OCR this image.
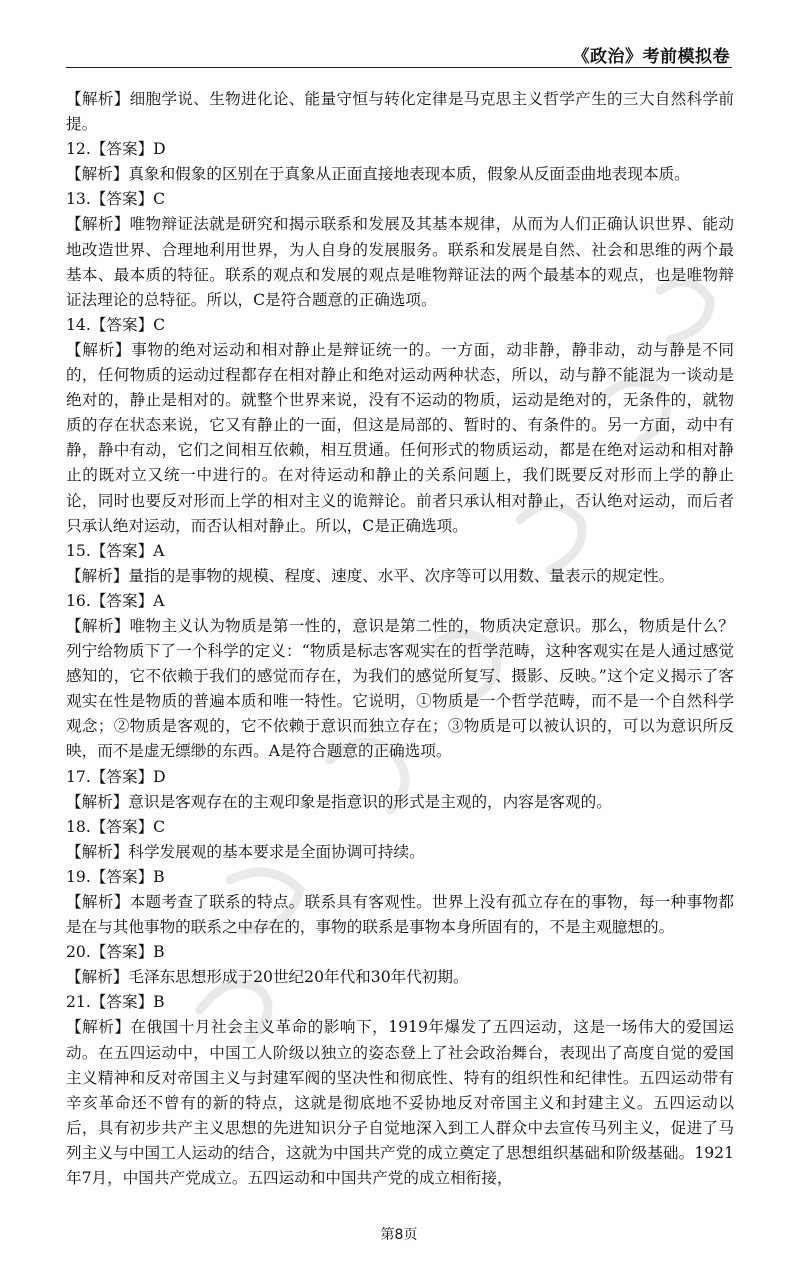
《政治》考前模拟卷

【解析】细胞学说、生物进化论、能量守恒与转化定律是马克思主义哲学产生的三大自然科学前提。

12.【答案】D

【解析】真象和假象的区别在于真象从正面直接地表现本质，假象从反面歪曲地表现本质。

13.【答案】C

【解析】唯物辩证法就是研究和揭示联系和发展及其基本规律，从而为人们正确认识世界、能动地改造世界、合理地利用世界，为人自身的发展服务。联系和发展是自然、社会和思维的两个最基本、最本质的特征。联系的观点和发展的观点是唯物辩证法的两个最基本的观点，也是唯物辩证法理论的总特征。所以，C是符合题意的正确选项。

14.【答案】C

【解析】事物的绝对运动和相对静止是辩证统一的。一方面，动非静，静非动，动与静是不同的，任何物质的运动过程都存在相对静止和绝对运动两种状态，所以，动与静不能混为一谈动是绝对的，静止是相对的。就整个世界来说，没有不运动的物质，运动是绝对的，无条件的，就物质的存在状态来说，它又有静止的一面，但这是局部的、暂时的、有条件的。另一方面，动中有静，静中有动，它们之间相互依赖，相互贯通。任何形式的物质运动，都是在绝对运动和相对静止的既对立又统一中进行的。在对待运动和静止的关系问题上，我们既要反对形而上学的静止论，同时也要反对形而上学的相对主义的诡辩论。前者只承认相对静止，否认绝对运动，而后者只承认绝对运动，而否认相对静止。所以，C是正确选项。

15.【答案】A

【解析】量指的是事物的规模、程度、速度、水平、次序等可以用数、量表示的规定性。

16.【答案】A

【解析】唯物主义认为物质是第一性的，意识是第二性的，物质决定意识。那么，物质是什么？列宁给物质下了一个科学的定义：“物质是标志客观实在的哲学范畴，这种客观实在是人通过感觉感知的，它不依赖于我们的感觉而存在，为我们的感觉所复写、摄影、反映。”这个定义揭示了客观实在性是物质的普遍本质和唯一特性。它说明，①物质是一个哲学范畴，而不是一个自然科学观念；②物质是客观的，它不依赖于意识而独立存在；③物质是可以被认识的，可以为意识所反映，而不是虚无缥缈的东西。A是符合题意的正确选项。

17.【答案】D

【解析】意识是客观存在的主观印象是指意识的形式是主观的，内容是客观的。

18.【答案】C

【解析】科学发展观的基本要求是全面协调可持续。

19.【答案】B

【解析】本题考查了联系的特点。联系具有客观性。世界上没有孤立存在的事物，每一种事物都是在与其他事物的联系之中存在的，事物的联系是事物本身所固有的，不是主观臆想的。

20.【答案】B

【解析】毛泽东思想形成于20世纪20年代和30年代初期。

21.【答案】B

【解析】在俄国十月社会主义革命的影响下，1919年爆发了五四运动，这是一场伟大的爱国运动。在五四运动中，中国工人阶级以独立的姿态登上了社会政治舞台，表现出了高度自觉的爱国主义精神和反对帝国主义与封建军阀的坚决性和彻底性、特有的组织性和纪律性。五四运动带有辛亥革命还不曾有的新的特点，这就是彻底地不妥协地反对帝国主义和封建主义。五四运动以后，具有初步共产主义思想的先进知识分子自觉地深入到工人群众中去宣传马列主义，促进了马列主义与中国工人运动的结合，这就为中国共产党的成立奠定了思想组织基础和阶级基础。1921年7月，中国共产党成立。五四运动和中国共产党的成立相衔接，

第8页
